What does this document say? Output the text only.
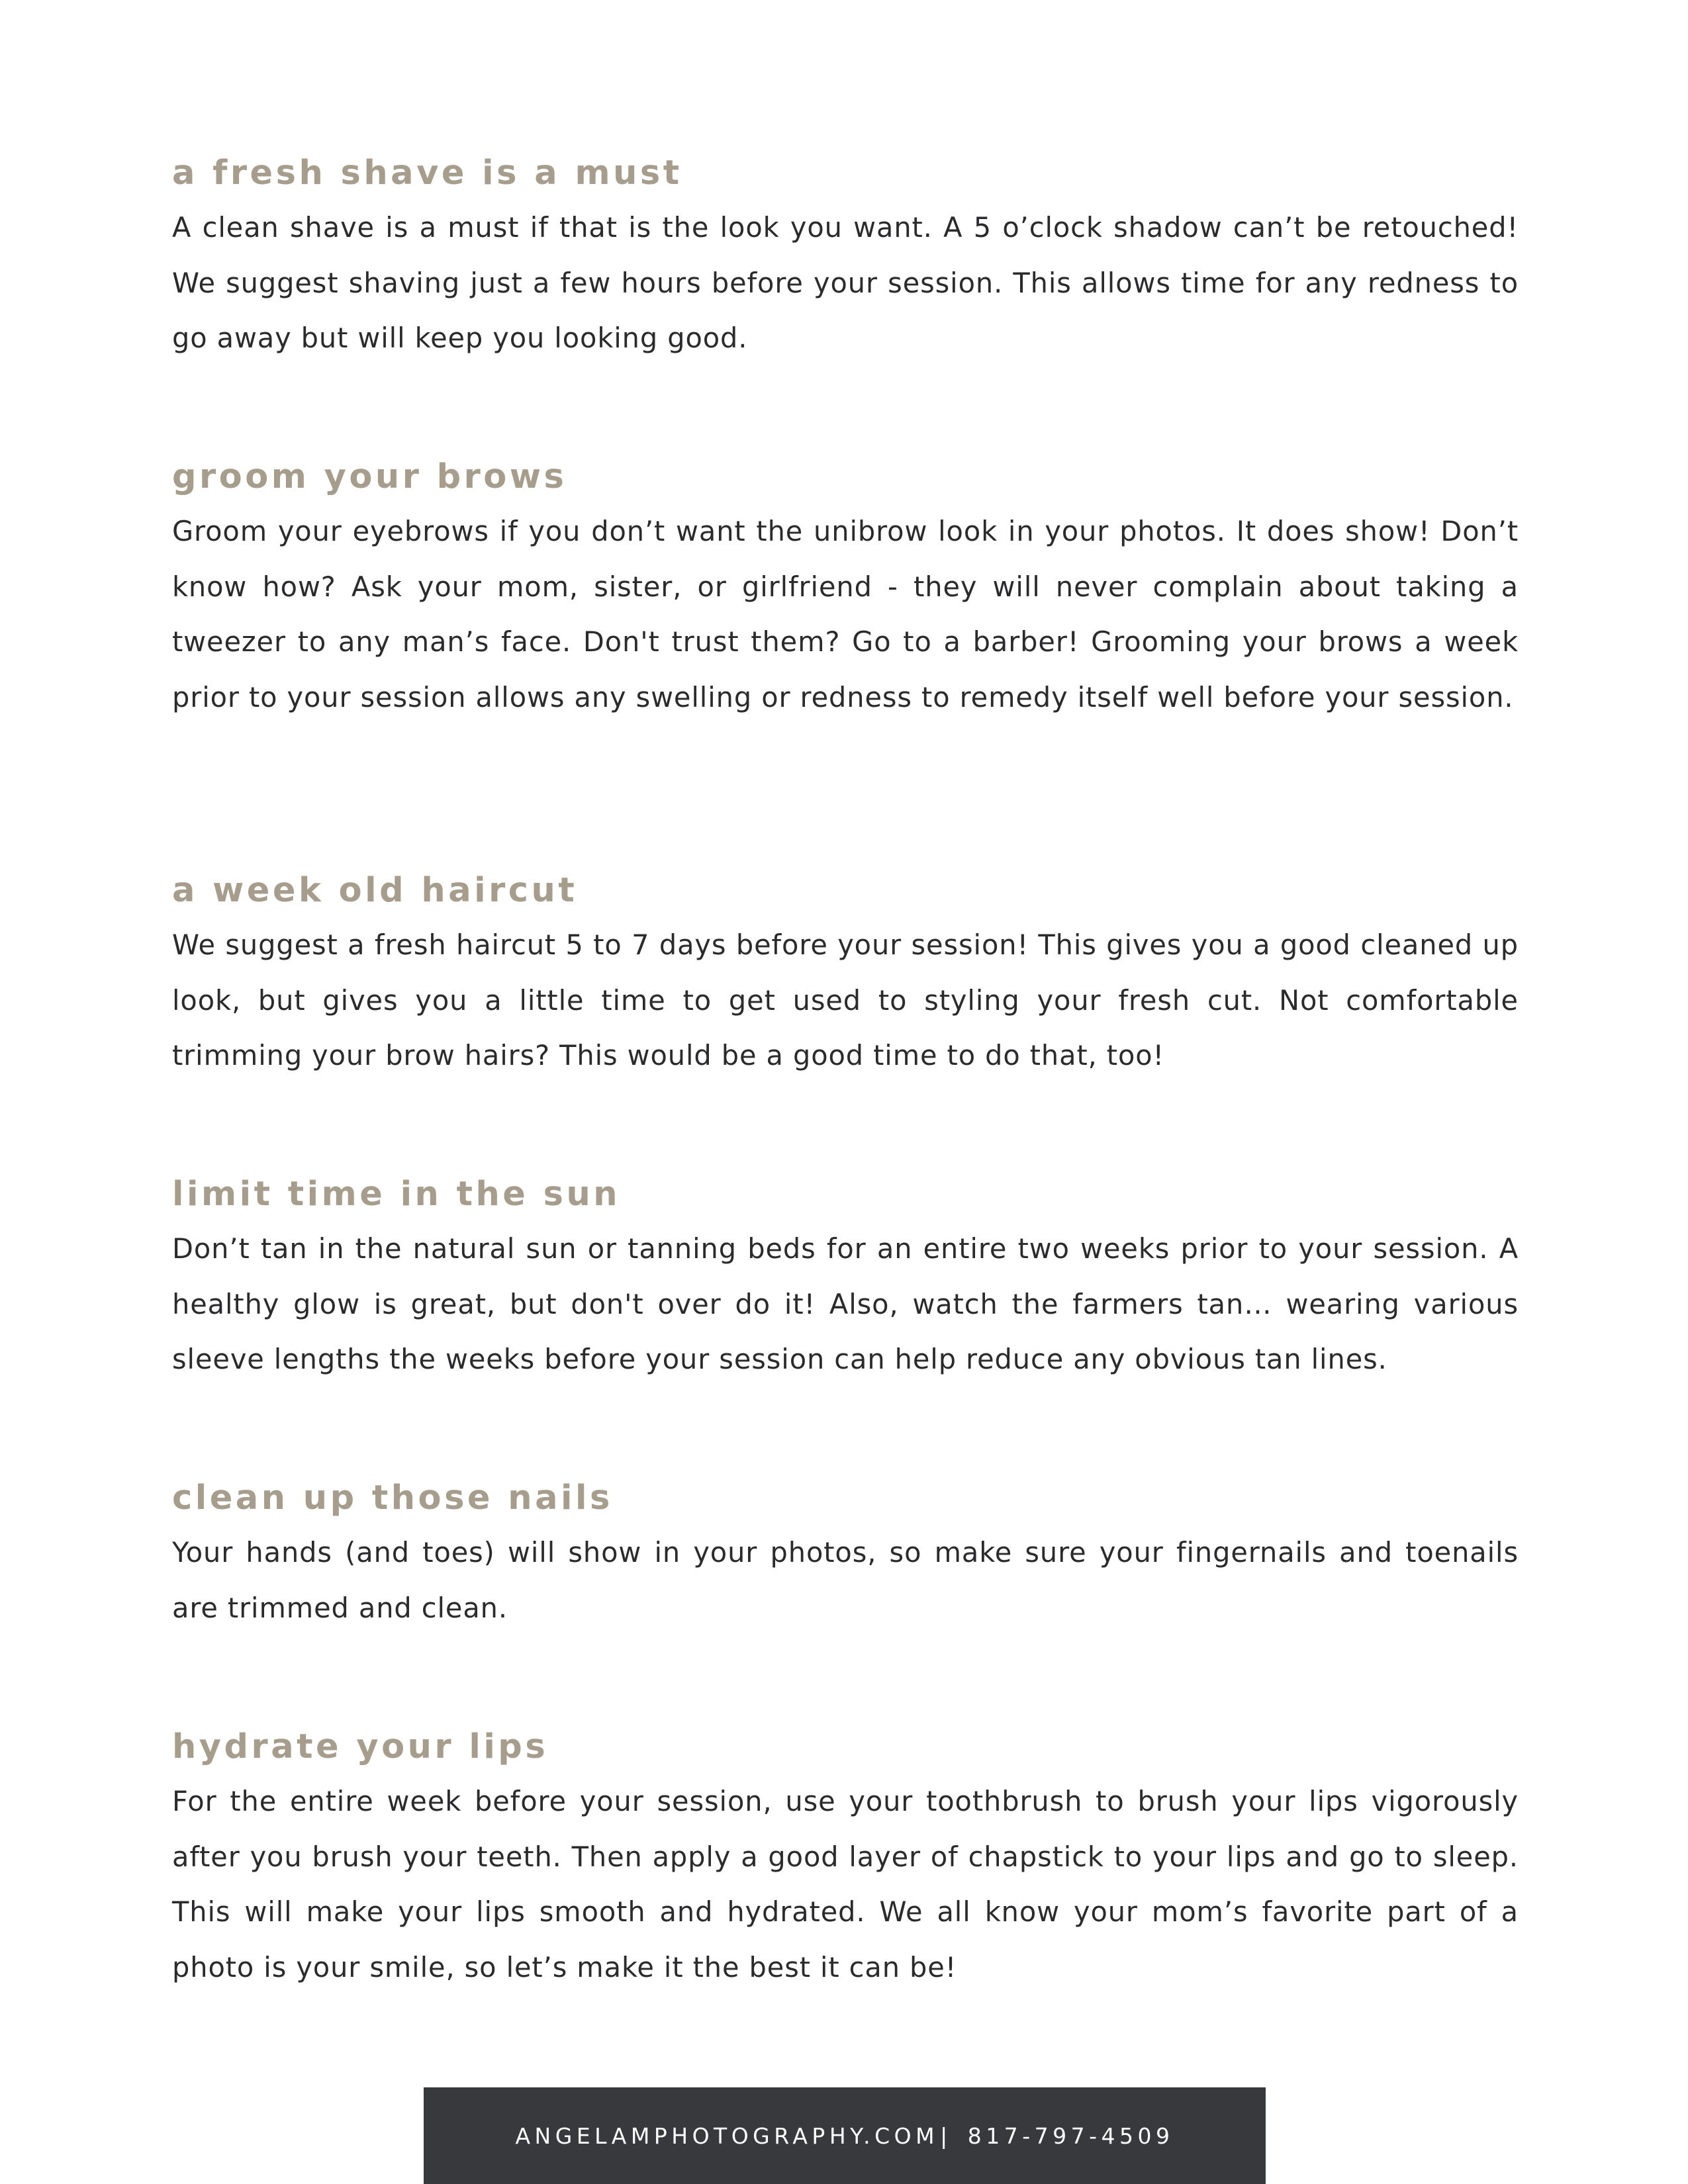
a fresh shave is a must

A clean shave is a must if that is the look you want. A 5 o’clock shadow can’t be retouched! We suggest shaving just a few hours before your session. This allows time for any redness to go away but will keep you looking good.

groom your brows

Groom your eyebrows if you don’t want the unibrow look in your photos. It does show! Don’t know how? Ask your mom, sister, or girlfriend - they will never complain about taking a tweezer to any man’s face. Don't trust them? Go to a barber! Grooming your brows a week prior to your session allows any swelling or redness to remedy itself well before your session.

a week old haircut

We suggest a fresh haircut 5 to 7 days before your session! This gives you a good cleaned up look, but gives you a little time to get used to styling your fresh cut. Not comfortable trimming your brow hairs? This would be a good time to do that, too!

limit time in the sun

Don’t tan in the natural sun or tanning beds for an entire two weeks prior to your session. A healthy glow is great, but don't over do it! Also, watch the farmers tan… wearing various sleeve lengths the weeks before your session can help reduce any obvious tan lines.

clean up those nails

Your hands (and toes) will show in your photos, so make sure your fingernails and toenails are trimmed and clean.

hydrate your lips

For the entire week before your session, use your toothbrush to brush your lips vigorously after you brush your teeth. Then apply a good layer of chapstick to your lips and go to sleep. This will make your lips smooth and hydrated. We all know your mom’s favorite part of a photo is your smile, so let’s make it the best it can be!

ANGELAMPHOTOGRAPHY.COM | 817-797-4509
